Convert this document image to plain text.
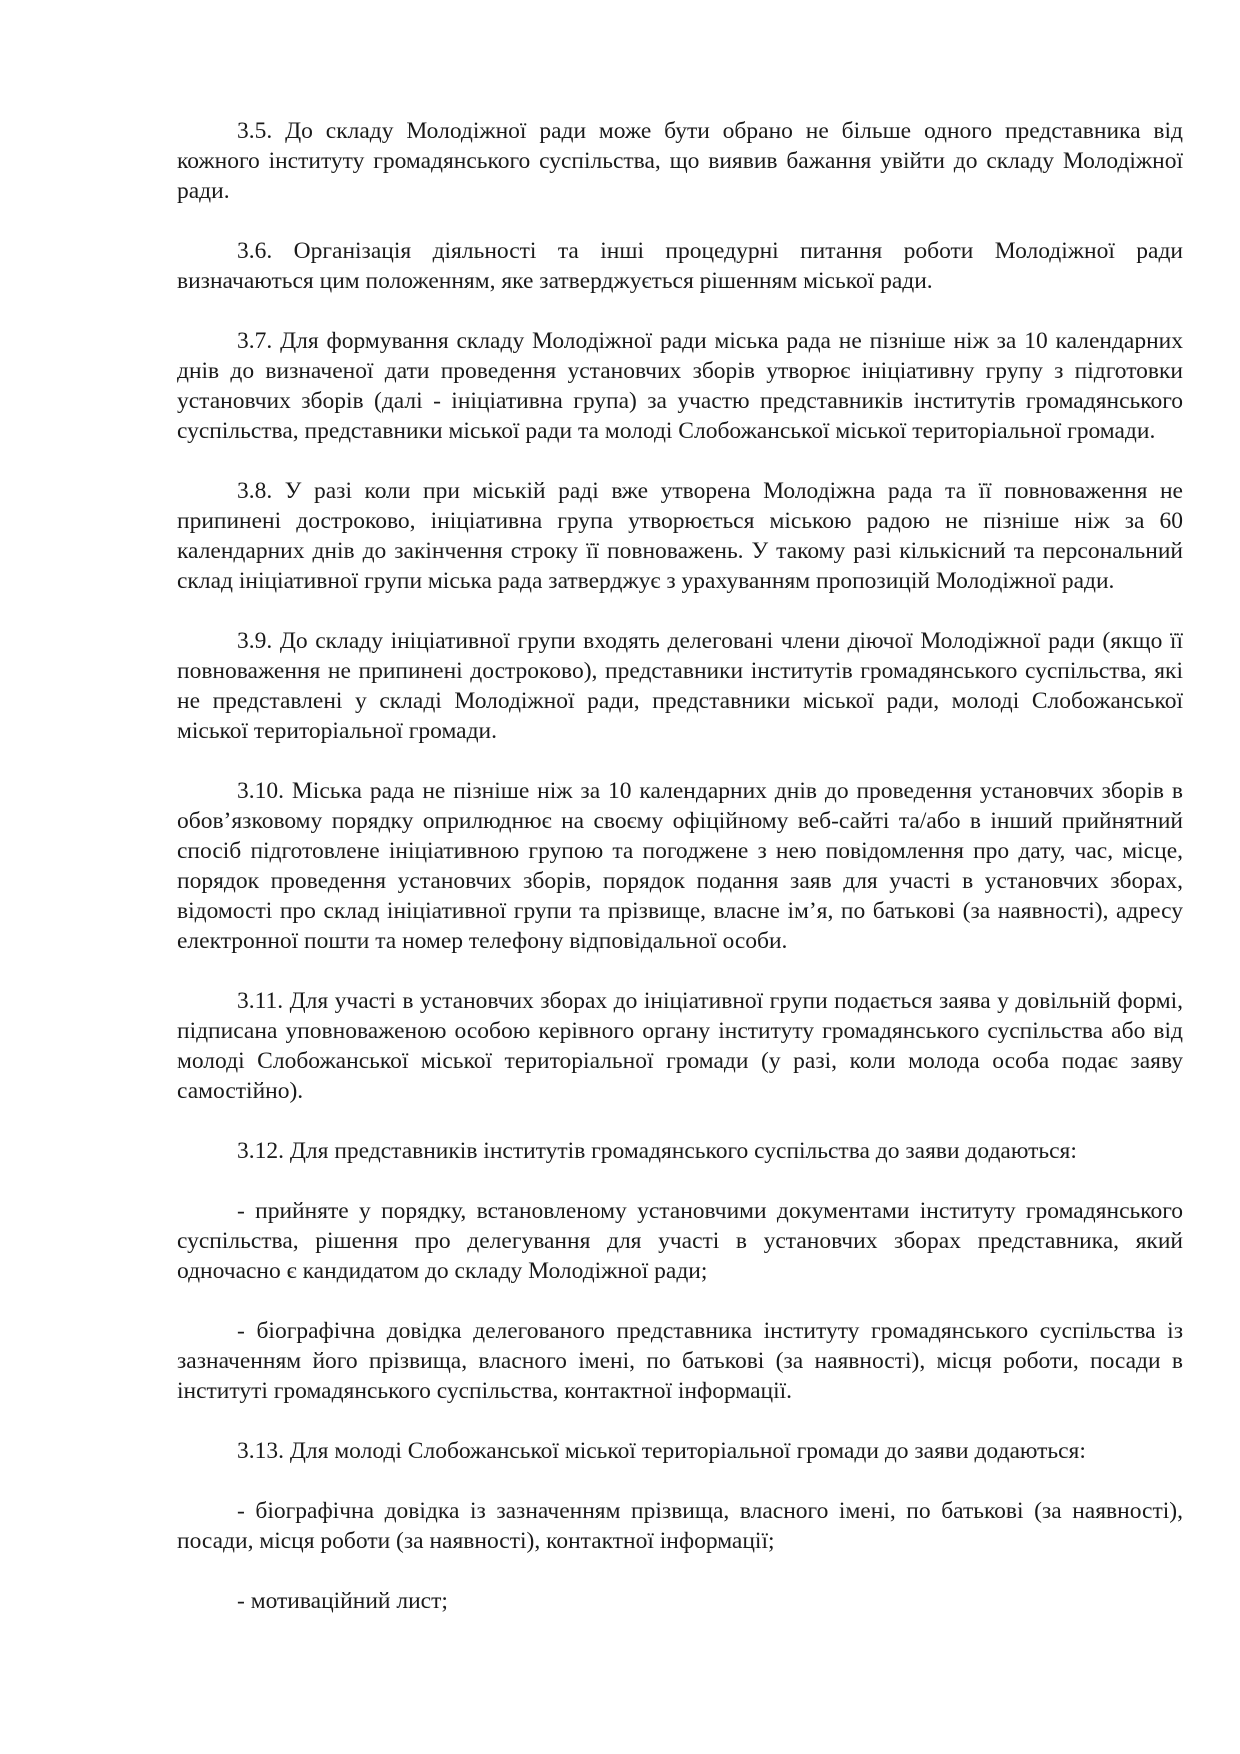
3.5. До складу Молодіжної ради може бути обрано не більше одного представника від кожного інституту громадянського суспільства, що виявив бажання увійти до складу Молодіжної ради.

3.6. Організація діяльності та інші процедурні питання роботи Молодіжної ради визначаються цим положенням, яке затверджується рішенням міської ради.

3.7. Для формування складу Молодіжної ради міська рада не пізніше ніж за 10 календарних днів до визначеної дати проведення установчих зборів утворює ініціативну групу з підготовки установчих зборів (далі - ініціативна група) за участю представників інститутів громадянського суспільства, представники міської ради та молоді Слобожанської міської територіальної громади.

3.8. У разі коли при міській раді вже утворена Молодіжна рада та її повноваження не припинені достроково, ініціативна група утворюється міською радою не пізніше ніж за 60 календарних днів до закінчення строку її повноважень. У такому разі кількісний та персональний склад ініціативної групи міська рада затверджує з урахуванням пропозицій Молодіжної ради.

3.9. До складу ініціативної групи входять делеговані члени діючої Молодіжної ради (якщо її повноваження не припинені достроково), представники інститутів громадянського суспільства, які не представлені у складі Молодіжної ради, представники міської ради, молоді Слобожанської міської територіальної громади.

3.10. Міська рада не пізніше ніж за 10 календарних днів до проведення установчих зборів в обов’язковому порядку оприлюднює на своєму офіційному веб-сайті та/або в інший прийнятний спосіб підготовлене ініціативною групою та погоджене з нею повідомлення про дату, час, місце, порядок проведення установчих зборів, порядок подання заяв для участі в установчих зборах, відомості про склад ініціативної групи та прізвище, власне ім’я, по батькові (за наявності), адресу електронної пошти та номер телефону відповідальної особи.

3.11. Для участі в установчих зборах до ініціативної групи подається заява у довільній формі, підписана уповноваженою особою керівного органу інституту громадянського суспільства або від молоді Слобожанської міської територіальної громади (у разі, коли молода особа подає заяву самостійно).

3.12. Для представників інститутів громадянського суспільства до заяви додаються:

- прийняте у порядку, встановленому установчими документами інституту громадянського суспільства, рішення про делегування для участі в установчих зборах представника, який одночасно є кандидатом до складу Молодіжної ради;

- біографічна довідка делегованого представника інституту громадянського суспільства із зазначенням його прізвища, власного імені, по батькові (за наявності), місця роботи, посади в інституті громадянського суспільства, контактної інформації.

3.13. Для молоді Слобожанської міської територіальної громади до заяви додаються:

- біографічна довідка із зазначенням прізвища, власного імені, по батькові (за наявності), посади, місця роботи (за наявності), контактної інформації;

- мотиваційний лист;
